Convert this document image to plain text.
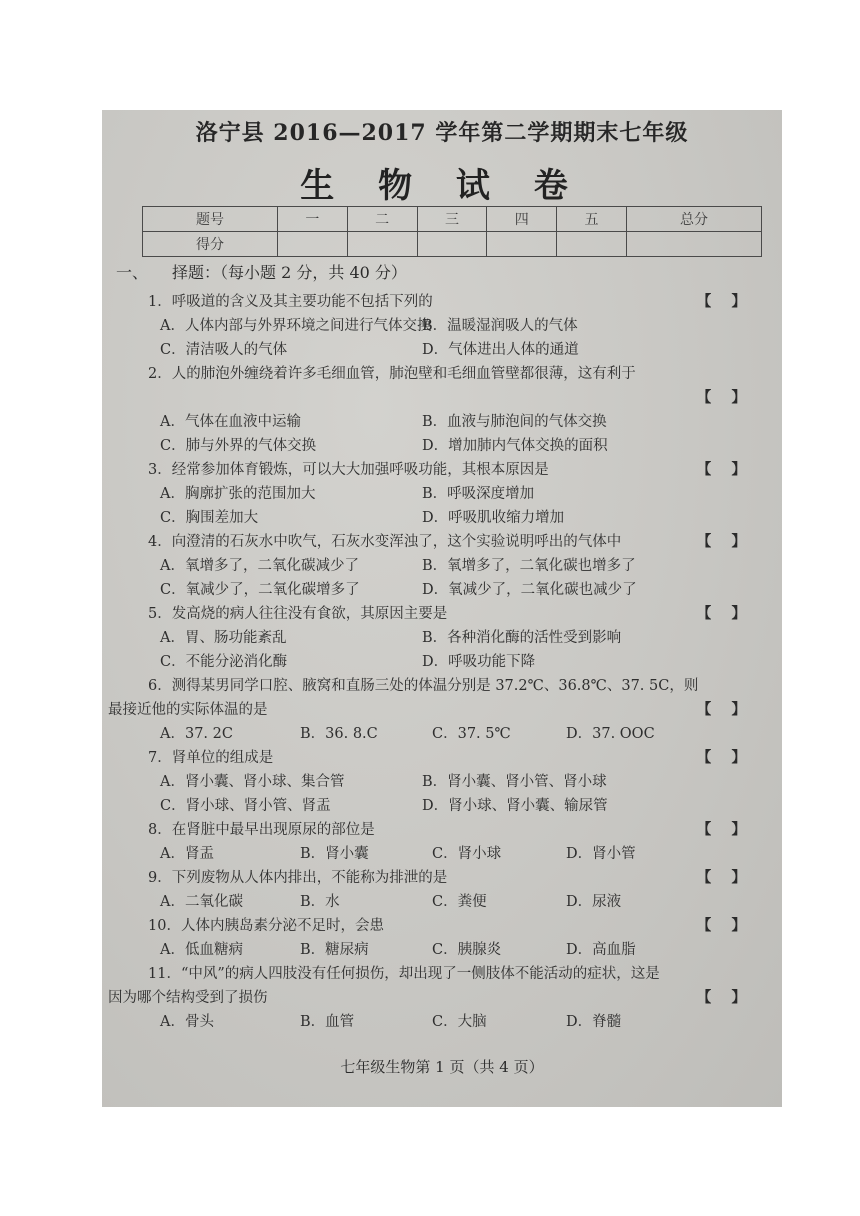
洛宁县 2016—2017 学年第二学期期末七年级
生 物 试 卷
题号	一	二	三	四	五	总分
得分						
一、 择题：（每小题 2 分，共 40 分）
1．呼吸道的含义及其主要功能不包括下列的	【    】
A．人体内部与外界环境之间进行气体交换
B．温暖湿润吸人的气体
C．清洁吸人的气体	D．气体进出人体的通道
2．人的肺泡外缠绕着许多毛细血管，肺泡壁和毛细血管壁都很薄，这有利于
【    】
A．气体在血液中运输	B．血液与肺泡间的气体交换
C．肺与外界的气体交换	D．增加肺内气体交换的面积
3．经常参加体育锻炼，可以大大加强呼吸功能，其根本原因是	【    】
A．胸廓扩张的范围加大	B．呼吸深度增加
C．胸围差加大	D．呼吸肌收缩力增加
4．向澄清的石灰水中吹气，石灰水变浑浊了，这个实验说明呼出的气体中	【    】
A．氧增多了，二氧化碳减少了	B．氧增多了，二氧化碳也增多了
C．氧减少了，二氧化碳增多了	D．氧减少了，二氧化碳也减少了
5．发高烧的病人往往没有食欲，其原因主要是	【    】
A．胃、肠功能紊乱	B．各种消化酶的活性受到影响
C．不能分泌消化酶	D．呼吸功能下降
6．测得某男同学口腔、腋窝和直肠三处的体温分别是 37.2℃、36.8℃、37. 5C，则
最接近他的实际体温的是	【    】
A．37. 2C	B．36. 8.C	C．37. 5℃	D．37. OOC
7．肾单位的组成是	【    】
A．肾小囊、肾小球、集合管	B．肾小囊、肾小管、肾小球
C．肾小球、肾小管、肾盂	D．肾小球、肾小囊、输尿管
8．在肾脏中最早出现原尿的部位是	【    】
A．肾盂	B．肾小囊	C．肾小球	D．肾小管
9．下列废物从人体内排出，不能称为排泄的是	【    】
A．二氧化碳	B．水	C．粪便	D．尿液
10．人体内胰岛素分泌不足时，会患	【    】
A．低血糖病	B．糖尿病	C．胰腺炎	D．高血脂
11．“中风”的病人四肢没有任何损伤，却出现了一侧肢体不能活动的症状，这是
因为哪个结构受到了损伤	【    】
A．骨头	B．血管	C．大脑	D．脊髓
七年级生物第 1 页（共 4 页）
